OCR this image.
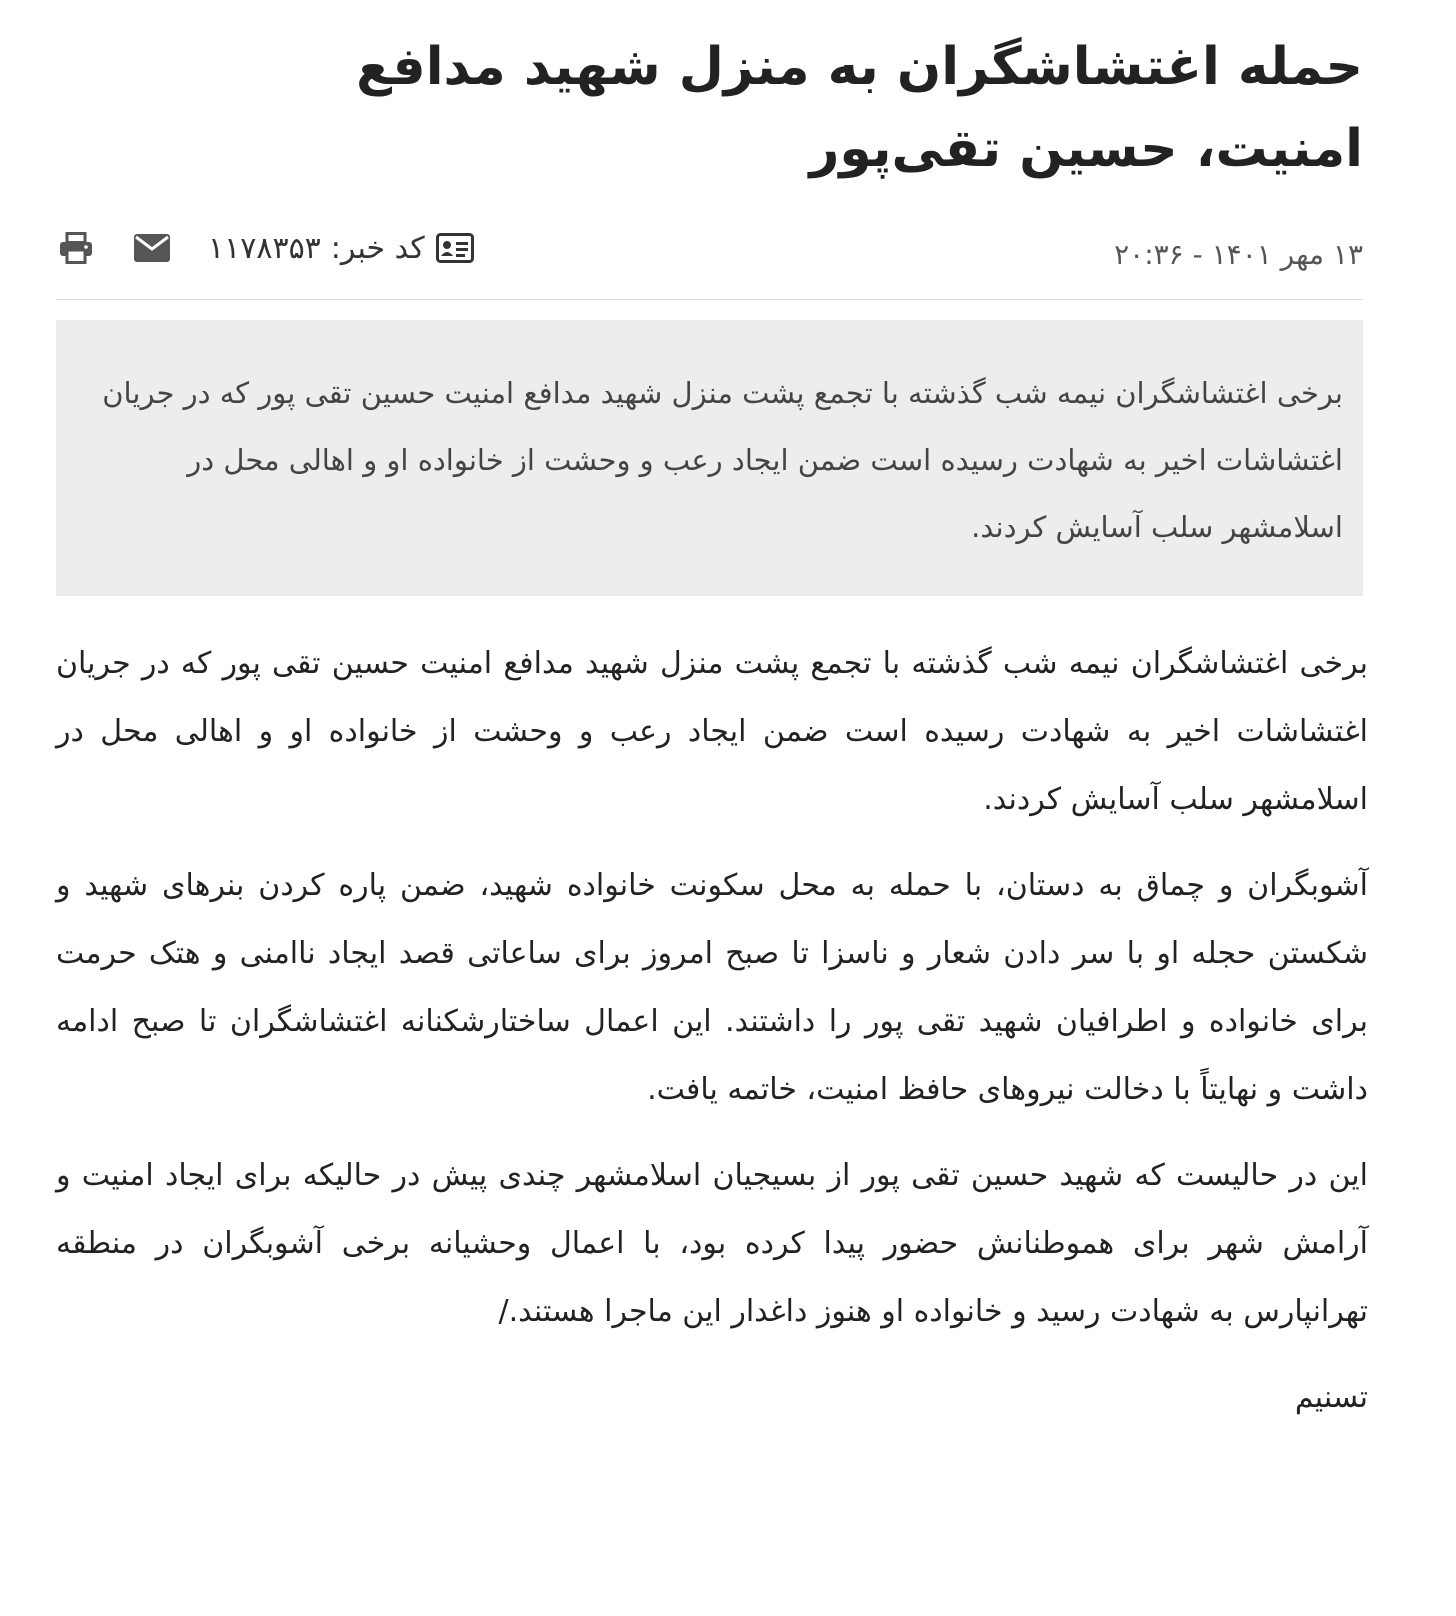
حمله اغتشاشگران به منزل شهید مدافع امنیت، حسین تقی‌پور
۱۳ مهر ۱۴۰۱ - ۲۰:۳۶
کد خبر:
۱۱۷۸۳۵۳

برخی اغتشاشگران نیمه شب گذشته با تجمع پشت منزل شهید مدافع امنیت حسین تقی پور که در جریان اغتشاشات اخیر به شهادت رسیده است ضمن ایجاد رعب و وحشت از خانواده او و اهالی محل در اسلامشهر سلب آسایش کردند.

برخی اغتشاشگران نیمه شب گذشته با تجمع پشت منزل شهید مدافع امنیت حسین تقی پور که در جریان اغتشاشات اخیر به شهادت رسیده است ضمن ایجاد رعب و وحشت از خانواده او و اهالی محل در اسلامشهر سلب آسایش کردند.

آشوبگران و چماق به دستان، با حمله به محل سکونت خانواده شهید، ضمن پاره کردن بنرهای شهید و شکستن حجله او با سر دادن شعار و ناسزا تا صبح امروز برای ساعاتی قصد ایجاد ناامنی و هتک حرمت برای خانواده و اطرافیان شهید تقی پور را داشتند. این اعمال ساختارشکنانه اغتشاشگران تا صبح ادامه داشت و نهایتاً با دخالت نیروهای حافظ امنیت، خاتمه یافت.

این در حالیست که شهید حسین تقی پور از بسیجیان اسلامشهر چندی پیش در حالیکه برای ایجاد امنیت و آرامش شهر برای هموطنانش حضور پیدا کرده بود، با اعمال وحشیانه برخی آشوبگران در منطقه تهرانپارس به شهادت رسید و خانواده او هنوز داغدار این ماجرا هستند./

تسنیم
